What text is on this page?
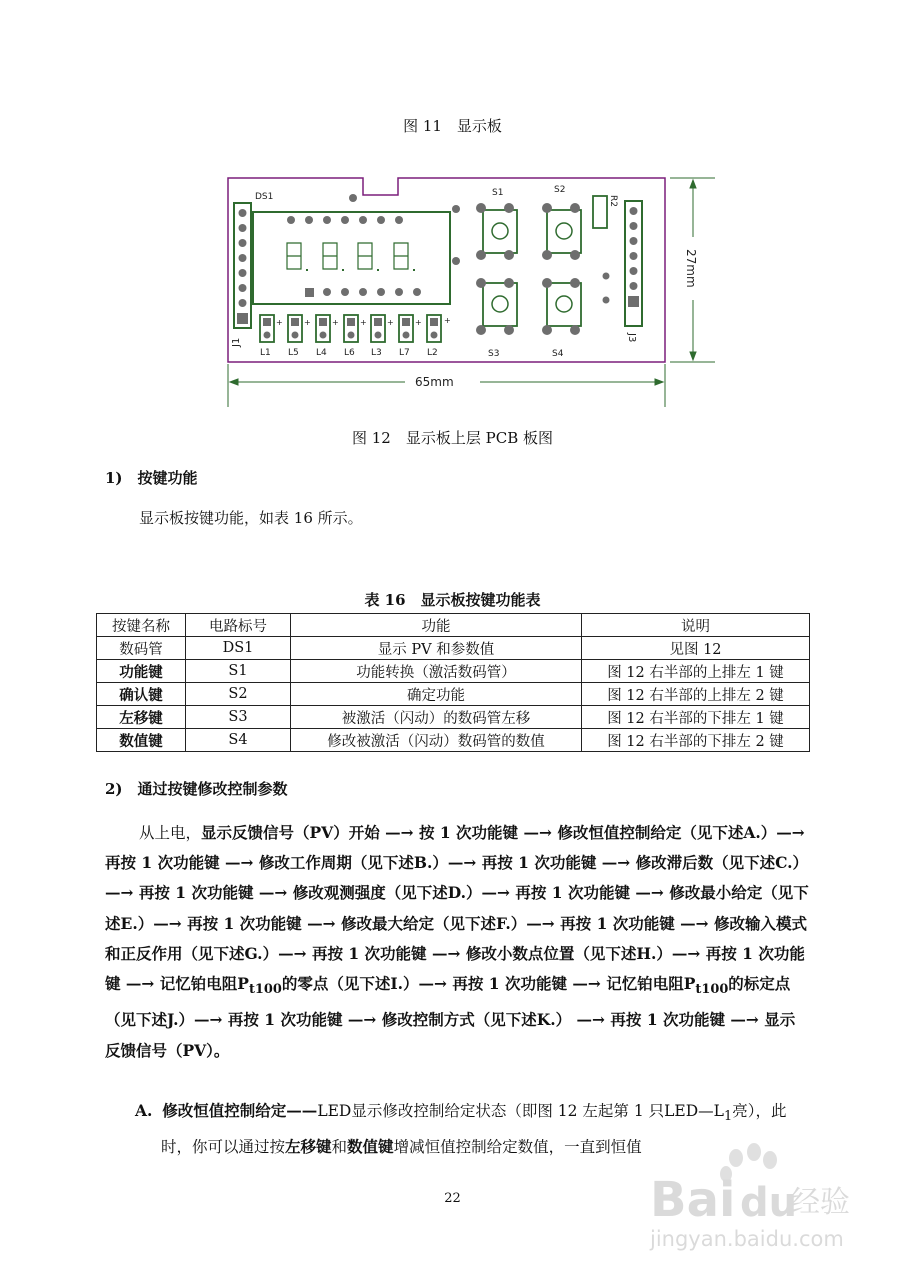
图 11　显示板
J1
DS1
+	+	+	+	+	+	+
L1 L5 L4 L6 L3 L7 L2
S1	S2
S3	S4
R2
J3
65mm
27mm
图 12　显示板上层 PCB 板图
1)　按键功能
显示板按键功能，如表 16 所示。
表 16　显示板按键功能表
按键名称	电路标号	功能	说明
数码管	DS1	显示 PV 和参数值	见图 12
功能键	S1	功能转换（激活数码管）	图 12 右半部的上排左 1 键
确认键	S2	确定功能	图 12 右半部的上排左 2 键
左移键	S3	被激活（闪动）的数码管左移	图 12 右半部的下排左 1 键
数值键	S4	修改被激活（闪动）数码管的数值	图 12 右半部的下排左 2 键
2)　通过按键修改控制参数
从上电，显示反馈信号（PV）开始 —→ 按 1 次功能键 —→ 修改恒值控制给定（见下述A.）—→ 再按 1 次功能键 —→ 修改工作周期（见下述B.）—→ 再按 1 次功能键 —→ 修改滞后数（见下述C.）—→ 再按 1 次功能键 —→ 修改观测强度（见下述D.）—→ 再按 1 次功能键 —→ 修改最小给定（见下述E.）—→ 再按 1 次功能键 —→ 修改最大给定（见下述F.）—→ 再按 1 次功能键 —→ 修改输入模式和正反作用（见下述G.）—→ 再按 1 次功能键 —→ 修改小数点位置（见下述H.）—→ 再按 1 次功能键 —→ 记忆铂电阻$P_{t100}$的零点（见下述I.）—→ 再按 1 次功能键 —→ 记忆铂电阻$P_{t100}$的标定点（见下述J.）—→ 再按 1 次功能键 —→ 修改控制方式（见下述K.） —→ 再按 1 次功能键 —→ 显示反馈信号（PV）。
A. 修改恒值控制给定——LED显示修改控制给定状态（即图 12 左起第 1 只$LED—L_1$亮），此时，你可以通过按左移键和数值键增减恒值控制给定数值，一直到恒值
22	Bai du
经验
jingyan.baidu.com
